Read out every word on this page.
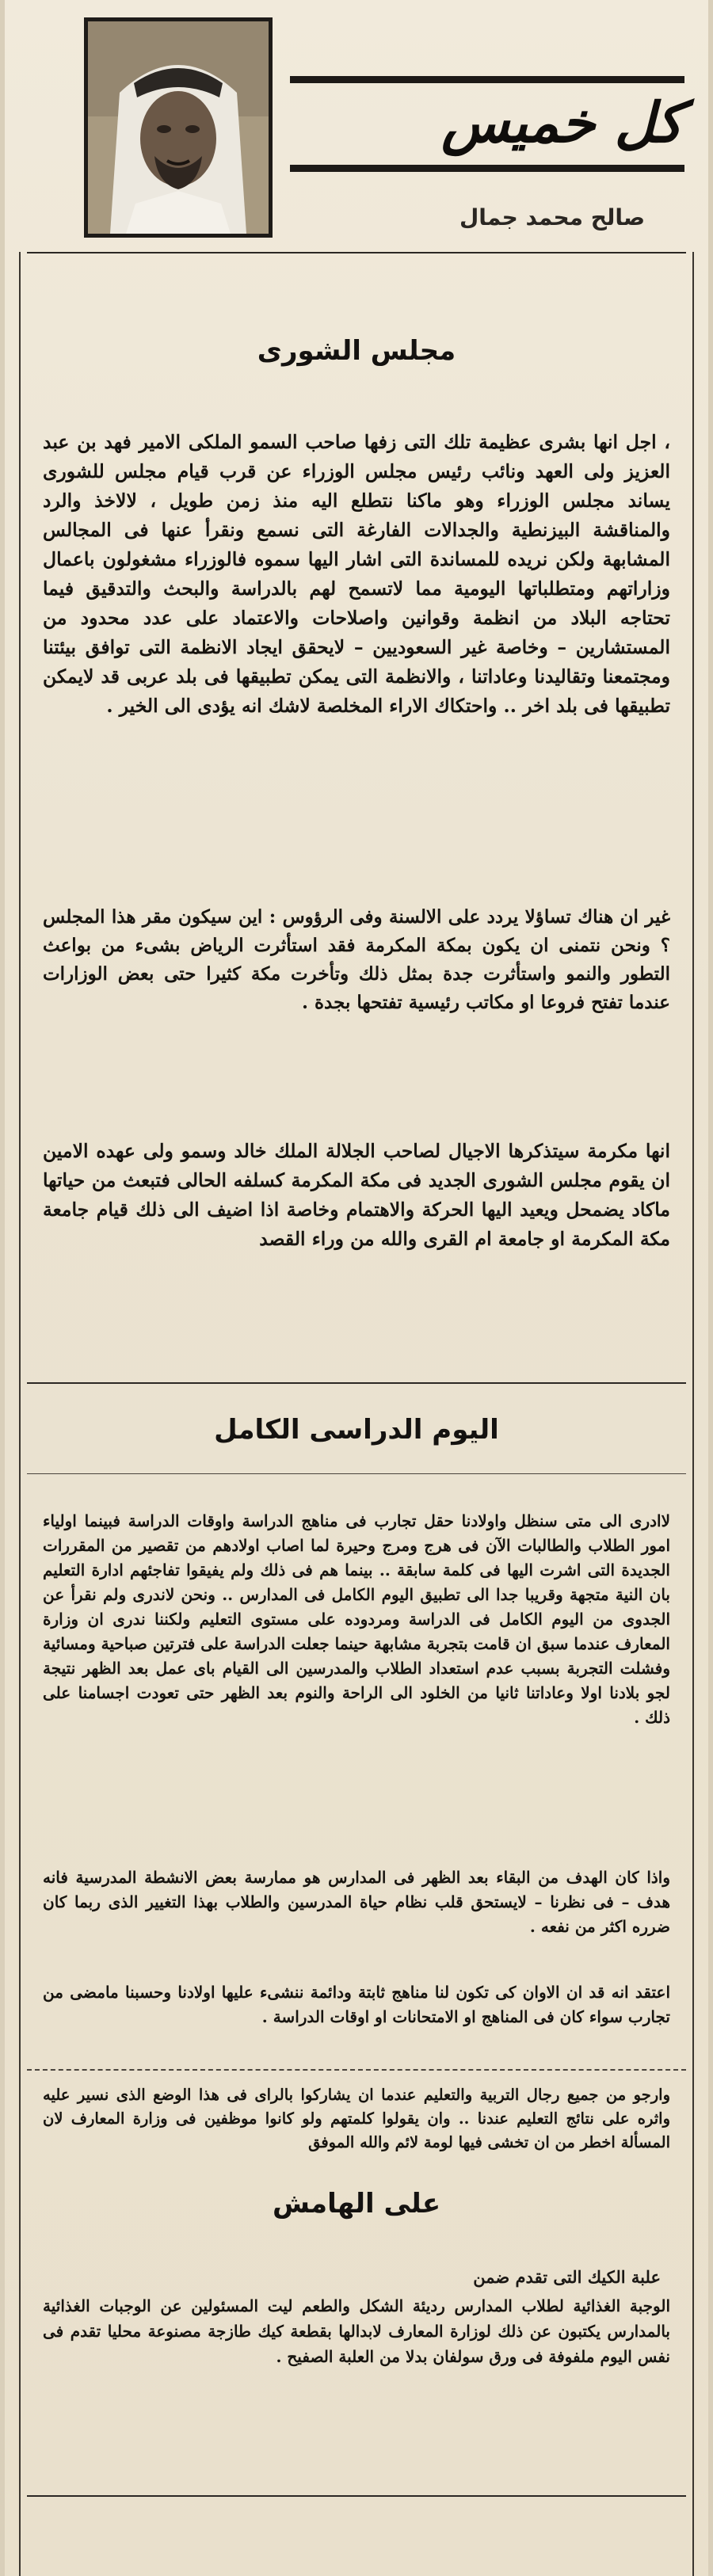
كل خميس
صالح محمد جمال
مجلس الشورى
، اجل انها بشرى عظيمة تلك التى زفها صاحب السمو الملكى الامير فهد بن عبد العزيز ولى العهد ونائب رئيس مجلس الوزراء عن قرب قيام مجلس للشورى يساند مجلس الوزراء وهو ماكنا نتطلع اليه منذ زمن طويل ، لالاخذ والرد والمناقشة البيزنطية والجدالات الفارغة التى نسمع ونقرأ عنها فى المجالس المشابهة ولكن نريده للمساندة التى اشار اليها سموه فالوزراء مشغولون باعمال وزاراتهم ومتطلباتها اليومية مما لاتسمح لهم بالدراسة والبحث والتدقيق فيما تحتاجه البلاد من انظمة وقوانين واصلاحات والاعتماد على عدد محدود من المستشارين – وخاصة غير السعوديين – لايحقق ايجاد الانظمة التى توافق بيئتنا ومجتمعنا وتقاليدنا وعاداتنا ، والانظمة التى يمكن تطبيقها فى بلد عربى قد لايمكن تطبيقها فى بلد اخر .. واحتكاك الاراء المخلصة لاشك انه يؤدى الى الخير .
غير ان هناك تساؤلا يردد على الالسنة وفى الرؤوس : اين سيكون مقر هذا المجلس ؟ ونحن نتمنى ان يكون بمكة المكرمة فقد استأثرت الرياض بشىء من بواعث التطور والنمو واستأثرت جدة بمثل ذلك وتأخرت مكة كثيرا حتى بعض الوزارات عندما تفتح فروعا او مكاتب رئيسية تفتحها بجدة .
انها مكرمة سيتذكرها الاجيال لصاحب الجلالة الملك خالد وسمو ولى عهده الامين ان يقوم مجلس الشورى الجديد فى مكة المكرمة كسلفه الحالى فتبعث من حياتها ماكاد يضمحل ويعيد اليها الحركة والاهتمام وخاصة اذا اضيف الى ذلك قيام جامعة مكة المكرمة او جامعة ام القرى والله من وراء القصد
اليوم الدراسى الكامل
لاادرى الى متى سنظل واولادنا حقل تجارب فى مناهج الدراسة واوقات الدراسة فبينما اولياء امور الطلاب والطالبات الآن فى هرج ومرج وحيرة لما اصاب اولادهم من تقصير من المقررات الجديدة التى اشرت اليها فى كلمة سابقة .. بينما هم فى ذلك ولم يفيقوا تفاجئهم ادارة التعليم بان النية متجهة وقريبا جدا الى تطبيق اليوم الكامل فى المدارس .. ونحن لاندرى ولم نقرأ عن الجدوى من اليوم الكامل فى الدراسة ومردوده على مستوى التعليم ولكننا ندرى ان وزارة المعارف عندما سبق ان قامت بتجربة مشابهة حينما جعلت الدراسة على فترتين صباحية ومسائية وفشلت التجربة بسبب عدم استعداد الطلاب والمدرسين الى القيام باى عمل بعد الظهر نتيجة لجو بلادنا اولا وعاداتنا ثانيا من الخلود الى الراحة والنوم بعد الظهر حتى تعودت اجسامنا على ذلك .
واذا كان الهدف من البقاء بعد الظهر فى المدارس هو ممارسة بعض الانشطة المدرسية فانه هدف – فى نظرنا – لايستحق قلب نظام حياة المدرسين والطلاب بهذا التغيير الذى ربما كان ضرره اكثر من نفعه .
اعتقد انه قد ان الاوان كى تكون لنا مناهج ثابتة ودائمة ننشىء عليها اولادنا وحسبنا مامضى من تجارب سواء كان فى المناهج او الامتحانات او اوقات الدراسة .
وارجو من جميع رجال التربية والتعليم عندما ان يشاركوا بالراى فى هذا الوضع الذى نسير عليه واثره على نتائج التعليم عندنا .. وان يقولوا كلمتهم ولو كانوا موظفين فى وزارة المعارف لان المسألة اخطر من ان تخشى فيها لومة لائم والله الموفق
على الهامش
علبة الكيك التى تقدم ضمن
الوجبة الغذائية لطلاب المدارس رديئة الشكل والطعم ليت المسئولين عن الوجبات الغذائية بالمدارس يكتبون عن ذلك لوزارة المعارف لابدالها بقطعة كيك طازجة مصنوعة محليا تقدم فى نفس اليوم ملفوفة فى ورق سولفان بدلا من العلبة الصفيح .
